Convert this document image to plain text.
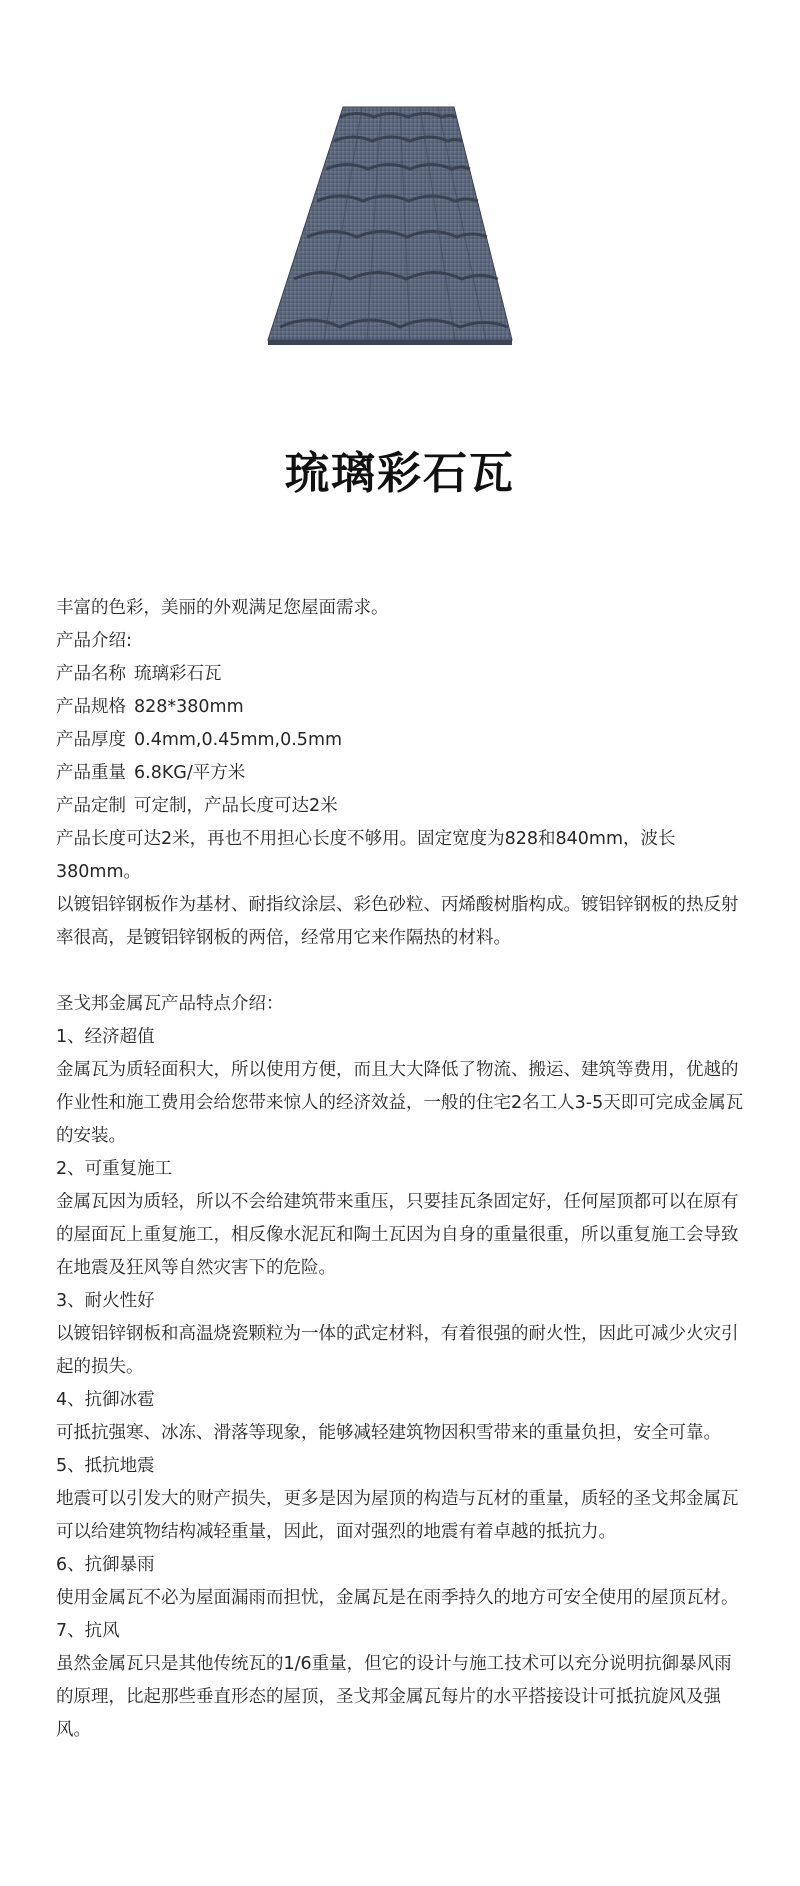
琉璃彩石瓦

丰富的色彩，美丽的外观满足您屋面需求。

产品介绍:

产品名称 琉璃彩石瓦

产品规格 828*380mm

产品厚度 0.4mm,0.45mm,0.5mm

产品重量 6.8KG/平方米

产品定制 可定制，产品长度可达2米

产品长度可达2米，再也不用担心长度不够用。固定宽度为828和840mm，波长380mm。

以镀铝锌钢板作为基材、耐指纹涂层、彩色砂粒、丙烯酸树脂构成。镀铝锌钢板的热反射率很高，是镀铝锌钢板的两倍，经常用它来作隔热的材料。

圣戈邦金属瓦产品特点介绍：

1、经济超值

金属瓦为质轻面积大，所以使用方便，而且大大降低了物流、搬运、建筑等费用，优越的作业性和施工费用会给您带来惊人的经济效益，一般的住宅2名工人3-5天即可完成金属瓦的安装。

2、可重复施工

金属瓦因为质轻，所以不会给建筑带来重压，只要挂瓦条固定好，任何屋顶都可以在原有的屋面瓦上重复施工，相反像水泥瓦和陶土瓦因为自身的重量很重，所以重复施工会导致在地震及狂风等自然灾害下的危险。

3、耐火性好

以镀铝锌钢板和高温烧瓷颗粒为一体的武定材料，有着很强的耐火性，因此可减少火灾引起的损失。

4、抗御冰雹

可抵抗强寒、冰冻、滑落等现象，能够减轻建筑物因积雪带来的重量负担，安全可靠。

5、抵抗地震

地震可以引发大的财产损失，更多是因为屋顶的构造与瓦材的重量，质轻的圣戈邦金属瓦可以给建筑物结构减轻重量，因此，面对强烈的地震有着卓越的抵抗力。

6、抗御暴雨

使用金属瓦不必为屋面漏雨而担忧，金属瓦是在雨季持久的地方可安全使用的屋顶瓦材。

7、抗风

虽然金属瓦只是其他传统瓦的1/6重量，但它的设计与施工技术可以充分说明抗御暴风雨的原理，比起那些垂直形态的屋顶，圣戈邦金属瓦每片的水平搭接设计可抵抗旋风及强风。
